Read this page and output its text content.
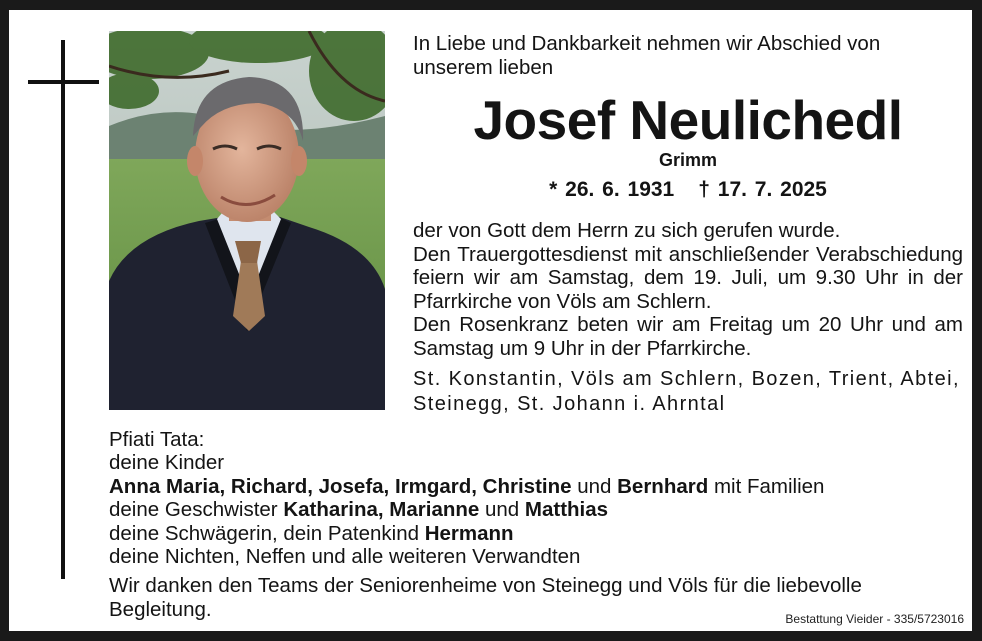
In Liebe und Dankbarkeit nehmen wir Abschied von unserem lieben

Josef Neulichedl

Grimm

* 26. 6. 1931 † 17. 7. 2025

der von Gott dem Herrn zu sich gerufen wurde.

Den Trauergottesdienst mit anschließender Verabschiedung feiern wir am Samstag, dem 19. Juli, um 9.30 Uhr in der Pfarrkirche von Völs am Schlern.

Den Rosenkranz beten wir am Freitag um 20 Uhr und am Samstag um 9 Uhr in der Pfarrkirche.

St. Konstantin, Völs am Schlern, Bozen, Trient, Abtei, Steinegg, St. Johann i. Ahrntal

Pfiati Tata:

deine Kinder

Anna Maria, Richard, Josefa, Irmgard, Christine und Bernhard mit Familien

deine Geschwister Katharina, Marianne und Matthias

deine Schwägerin, dein Patenkind Hermann

deine Nichten, Neffen und alle weiteren Verwandten

Wir danken den Teams der Seniorenheime von Steinegg und Völs für die liebevolle Begleitung.	Bestattung Vieider - 335/5723016
